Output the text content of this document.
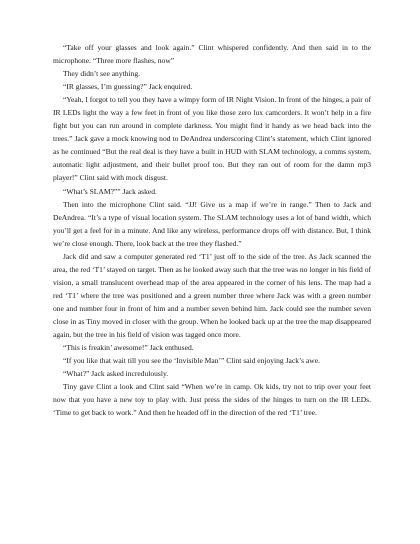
“Take off your glasses and look again.” Clint whispered confidently. And then said in to the microphone. “Three more flashes, now”

They didn’t see anything.

“IR glasses, I’m guessing?” Jack enquired.

“Yeah, I forgot to tell you they have a wimpy form of IR Night Vision. In front of the hinges, a pair of IR LEDs light the way a few feet in front of you like those zero lux camcorders. It won’t help in a fire fight but you can run around in complete darkness. You might find it handy as we head back into the trees.” Jack gave a mock knowing nod to DeAndrea underscoring Clint’s statement, which Clint ignored as he continued “But the real deal is they have a built in HUD with SLAM technology, a comms system, automatic light adjustment, and their bullet proof too. But they ran out of room for the damn mp3 player!” Clint said with mock disgust.

“What’s SLAM?”” Jack asked.

Then into the microphone Clint said. “JJ! Give us a map if we’re in range.” Then to Jack and DeAndrea. “It’s a type of visual location system. The SLAM technology uses a lot of band width, which you’ll get a feel for in a minute. And like any wireless, performance drops off with distance. But, I think we’re close enough. There, look back at the tree they flashed.”

Jack did and saw a computer generated red ‘T1’ just off to the side of the tree. As Jack scanned the area, the red ‘T1’ stayed on target. Then as he looked away such that the tree was no longer in his field of vision, a small translucent overhead map of the area appeared in the corner of his lens. The map had a red ‘T1’ where the tree was positioned and a green number three where Jack was with a green number one and number four in front of him and a number seven behind him. Jack could see the number seven close in as Tiny moved in closer with the group. When he looked back up at the tree the map disappeared again, but the tree in his field of vision was tagged once more.

“This is freakin’ awesome!” Jack enthused.

“If you like that wait till you see the ‘Invisible Man’” Clint said enjoying Jack’s awe.

“What?” Jack asked incredulously.

Tiny gave Clint a look and Clint said “When we’re in camp. Ok kids, try not to trip over your feet now that you have a new toy to play with. Just press the sides of the hinges to turn on the IR LEDs. ‘Time to get back to work.” And then he headed off in the direction of the red ‘T1’ tree.
